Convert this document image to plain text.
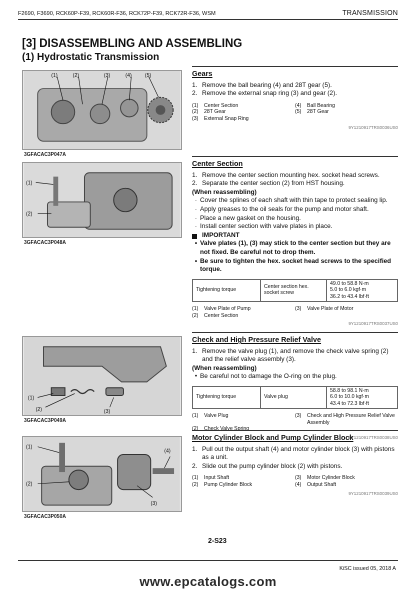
F2690, F3690, RCK60P-F39, RCK60R-F36, RCK72P-F39, RCK72R-F36, WSM	TRANSMISSION
[3] DISASSEMBLING AND ASSEMBLING
(1) Hydrostatic Transmission
(1)	(2)	(3)	(4) (5)
3GFACAC3P047A
(1)
(2)
3GFACAC3P048A
(1)
(2)	(3)
3GFACAC3P049A
(1)
(2)
(3)
(4)
3GFACAC3P050A
Gears
1. Remove the ball bearing (4) and 28T gear (5).
2. Remove the external snap ring (3) and gear (2).
(1)	Center Section	(4)	Ball Bearing
(2)	28T Gear	(5)	28T Gear
(3)	External Snap Ring
9Y1210917TRS0036US0
Center Section
1. Remove the center section mounting hex. socket head screws.
2. Separate the center section (2) from HST housing.
(When reassembling)
· Cover the splines of each shaft with thin tape to protect sealing lip.
· Apply greases to the oil seals for the pump and motor shaft.
· Place a new gasket on the housing.
· Install center section with valve plates in place.
IMPORTANT
• Valve plates (1), (3) may stick to the center section but they are not fixed. Be careful not to drop them.
• Be sure to tighten the hex. socket head screws to the specified torque.
Tightening torque	Center section hex. socket screw	
49.0 to 58.8 N·m
5.0 to 6.0 kgf·m
36.2 to 43.4 lbf·ft
(1)	Valve Plate of Pump	(3)	Valve Plate of Motor
(2)	Center Section
9Y1210917TRS0037US0
Check and High Pressure Relief Valve
1. Remove the valve plug (1), and remove the check valve spring (2) and the relief valve assembly (3).
(When reassembling)
• Be careful not to damage the O-ring on the plug.
Tightening torque	Valve plug	
58.8 to 98.1 N·m
6.0 to 10.0 kgf·m
43.4 to 72.3 lbf·ft
(1)	Valve Plug	(3)	Check and High Pressure Relief Valve Assembly
(2)	Check Valve Spring
9Y1210917TRS0038US0
Motor Cylinder Block and Pump Cylinder Block
1. Pull out the output shaft (4) and motor cylinder block (3) with pistons as a unit.
2. Slide out the pump cylinder block (2) with pistons.
(1)	Input Shaft	(3)	Motor Cylinder Block
(2)	Pump Cylinder Block	(4)	Output Shaft
9Y1210917TRS0039US0
2-S23
KiSC issued 05, 2018 A
www.epcatalogs.com
